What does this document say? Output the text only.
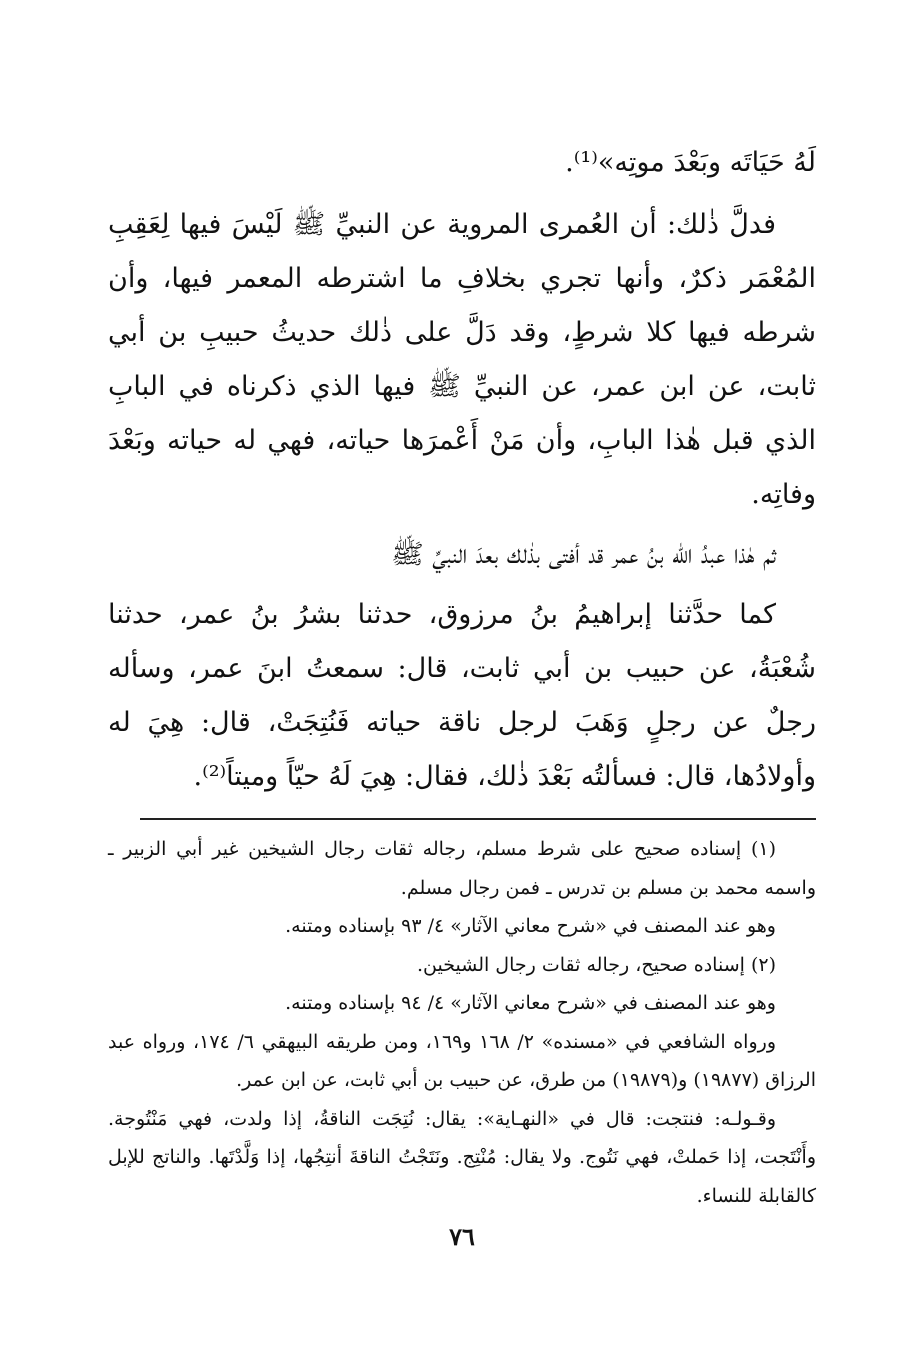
لَهُ حَيَاتَه وبَعْدَ موتِه»⁽¹⁾.

فدلَّ ذٰلك: أن العُمرى المروية عن النبيِّ ﷺ لَيْسَ فيها لِعَقِبِ المُعْمَر ذكرٌ، وأنها تجري بخلافِ ما اشترطه المعمر فيها، وأن شرطه فيها كلا شرطٍ، وقد دَلَّ على ذٰلك حديثُ حبيبِ بن أبي ثابت، عن ابن عمر، عن النبيِّ ﷺ فيها الذي ذكرناه في البابِ الذي قبل هٰذا البابِ، وأن مَنْ أَعْمرَها حياته، فهي له حياته وبَعْدَ وفاتِه.

ثم هٰذا عبدُ الله بنُ عمر قد أفتى بذٰلك بعدَ النبيِّ ﷺ

كما حدَّثنا إبراهيمُ بنُ مرزوق، حدثنا بشرُ بنُ عمر، حدثنا شُعْبَةُ، عن حبيب بن أبي ثابت، قال: سمعتُ ابنَ عمر، وسأله رجلٌ عن رجلٍ وَهَبَ لرجل ناقة حياته فَنُتِجَتْ، قال: هِيَ له وأولادُها، قال: فسألتُه بَعْدَ ذٰلك، فقال: هِيَ لَهُ حيّاً وميتاً⁽²⁾.

(١) إسناده صحيح على شرط مسلم، رجاله ثقات رجال الشيخين غير أبي الزبير ـ واسمه محمد بن مسلم بن تدرس ـ فمن رجال مسلم.

وهو عند المصنف في «شرح معاني الآثار» ٤/ ٩٣ بإسناده ومتنه.

(٢) إسناده صحيح، رجاله ثقات رجال الشيخين.

وهو عند المصنف في «شرح معاني الآثار» ٤/ ٩٤ بإسناده ومتنه.

ورواه الشافعي في «مسنده» ٢/ ١٦٨ و١٦٩، ومن طريقه البيهقي ٦/ ١٧٤، ورواه عبد الرزاق (١٩٨٧٧) و(١٩٨٧٩) من طرق، عن حبيب بن أبي ثابت، عن ابن عمر.

وقـولـه: فنتجت: قال في «النهـاية»: يقال: نُتِجَت الناقةُ، إذا ولدت، فهي مَنْتُوجة. وأَنْتَجت، إذا حَملتْ، فهي نَتُوج. ولا يقال: مُنْتِج. ونَتَجْتُ الناقةَ أنتِجُها، إذا وَلَّدْتَها. والناتج للإبل كالقابلة للنساء.

٧٦
